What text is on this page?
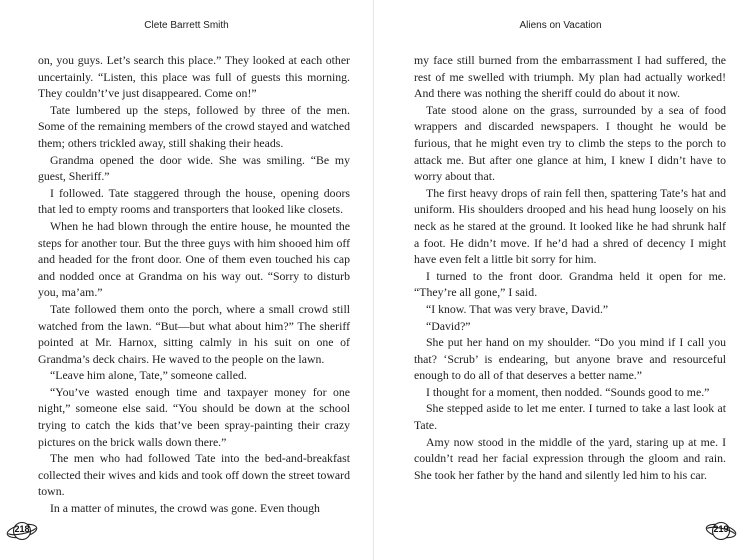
Clete Barrett Smith

on, you guys. Let’s search this place.” They looked at each other uncertainly. “Listen, this place was full of guests this morning. They couldn’t’ve just disappeared. Come on!”

Tate lumbered up the steps, followed by three of the men. Some of the remaining members of the crowd stayed and watched them; others trickled away, still shaking their heads.

Grandma opened the door wide. She was smiling. “Be my guest, Sheriff.”

I followed. Tate staggered through the house, opening doors that led to empty rooms and transporters that looked like closets.

When he had blown through the entire house, he mounted the steps for another tour. But the three guys with him shooed him off and headed for the front door. One of them even touched his cap and nodded once at Grandma on his way out. “Sorry to disturb you, ma’am.”

Tate followed them onto the porch, where a small crowd still watched from the lawn. “But—but what about him?” The sheriff pointed at Mr. Harnox, sitting calmly in his suit on one of Grandma’s deck chairs. He waved to the people on the lawn.

“Leave him alone, Tate,” someone called.

“You’ve wasted enough time and taxpayer money for one night,” someone else said. “You should be down at the school trying to catch the kids that’ve been spray-painting their crazy pictures on the brick walls down there.”

The men who had followed Tate into the bed-and-breakfast collected their wives and kids and took off down the street toward town.

In a matter of minutes, the crowd was gone. Even though

218
Aliens on Vacation

my face still burned from the embarrassment I had suffered, the rest of me swelled with triumph. My plan had actually worked! And there was nothing the sheriff could do about it now.

Tate stood alone on the grass, surrounded by a sea of food wrappers and discarded newspapers. I thought he would be furious, that he might even try to climb the steps to the porch to attack me. But after one glance at him, I knew I didn’t have to worry about that.

The first heavy drops of rain fell then, spattering Tate’s hat and uniform. His shoulders drooped and his head hung loosely on his neck as he stared at the ground. It looked like he had shrunk half a foot. He didn’t move. If he’d had a shred of decency I might have even felt a little bit sorry for him.

I turned to the front door. Grandma held it open for me. “They’re all gone,” I said.

“I know. That was very brave, David.”

“David?”

She put her hand on my shoulder. “Do you mind if I call you that? ‘Scrub’ is endearing, but anyone brave and resourceful enough to do all of that deserves a better name.”

I thought for a moment, then nodded. “Sounds good to me.”

She stepped aside to let me enter. I turned to take a last look at Tate.

Amy now stood in the middle of the yard, staring up at me. I couldn’t read her facial expression through the gloom and rain. She took her father by the hand and silently led him to his car.

219
